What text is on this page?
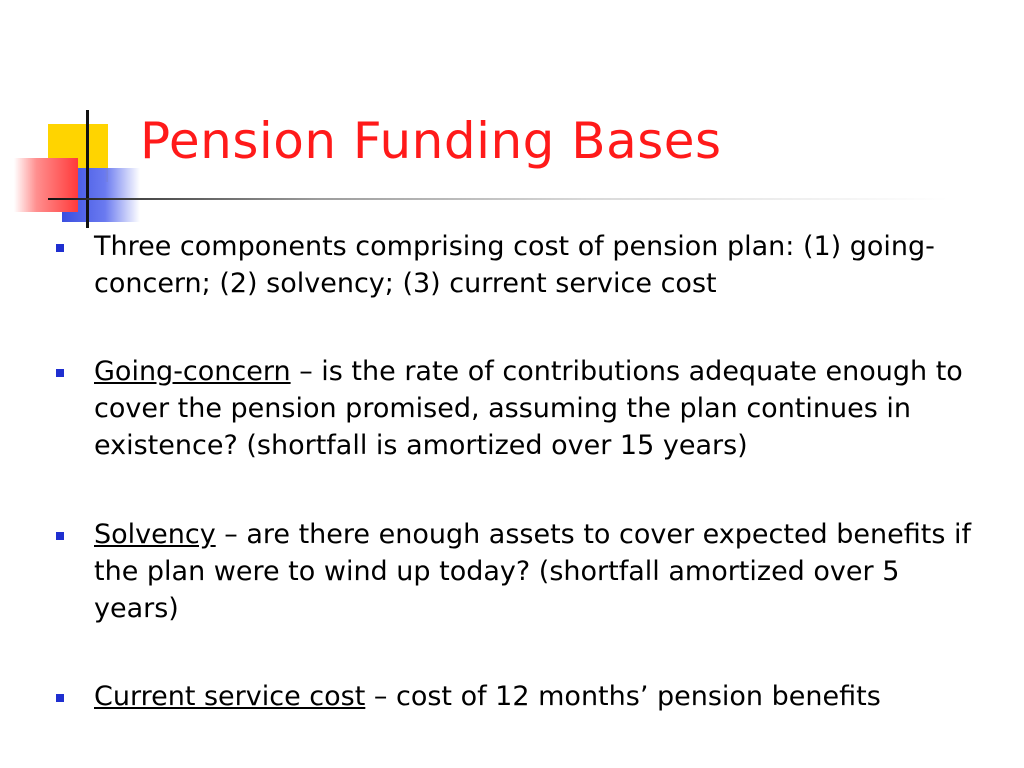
Pension Funding Bases
Three components comprising cost of pension plan: (1) going-concern; (2) solvency; (3) current service cost
Going-concern – is the rate of contributions adequate enough to cover the pension promised, assuming the plan continues in existence? (shortfall is amortized over 15 years)
Solvency – are there enough assets to cover expected benefits if the plan were to wind up today? (shortfall amortized over 5 years)
Current service cost – cost of 12 months’ pension benefits
